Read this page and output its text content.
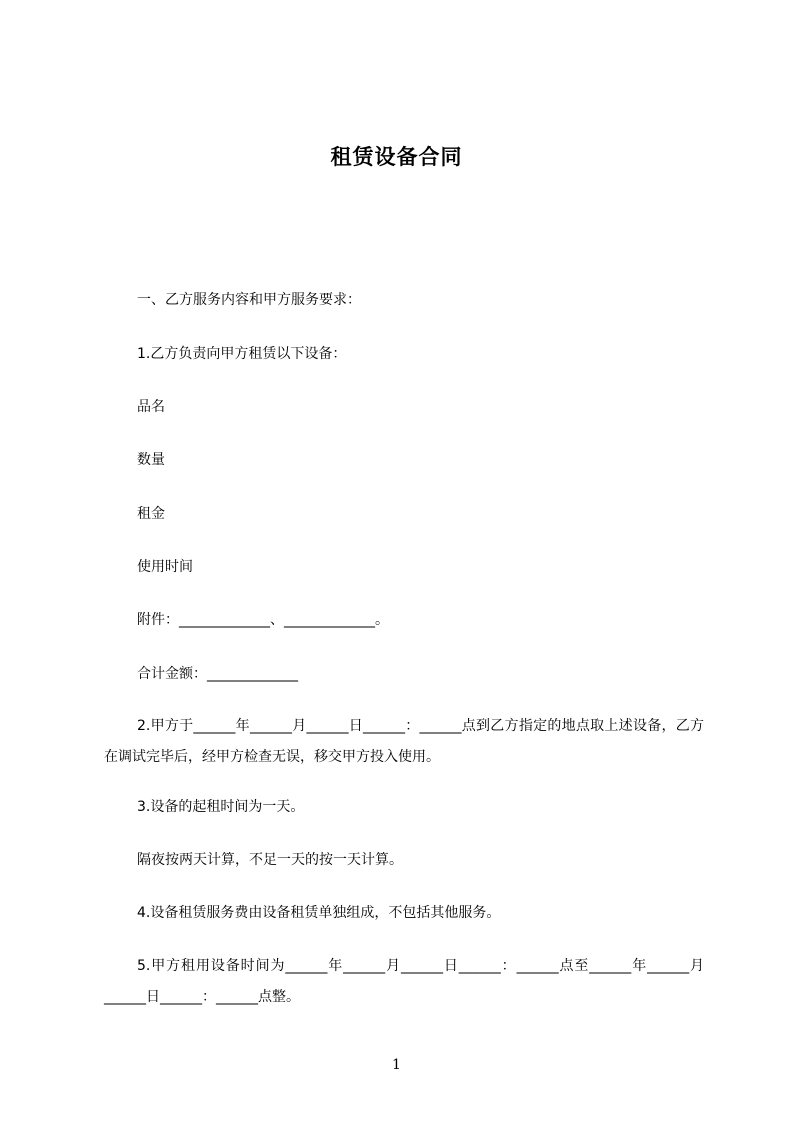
租赁设备合同
一、乙方服务内容和甲方服务要求：
1.乙方负责向甲方租赁以下设备：
品名
数量
租金
使用时间
附件：_____________、_____________。
合计金额：_____________
2.甲方于______年______月______日______：______点到乙方指定的地点取上述设备，乙方在调试完毕后，经甲方检查无误，移交甲方投入使用。
3.设备的起租时间为一天。
隔夜按两天计算，不足一天的按一天计算。
4.设备租赁服务费由设备租赁单独组成，不包括其他服务。
5.甲方租用设备时间为______年______月______日______：______点至______年______月______日______：______点整。
1
